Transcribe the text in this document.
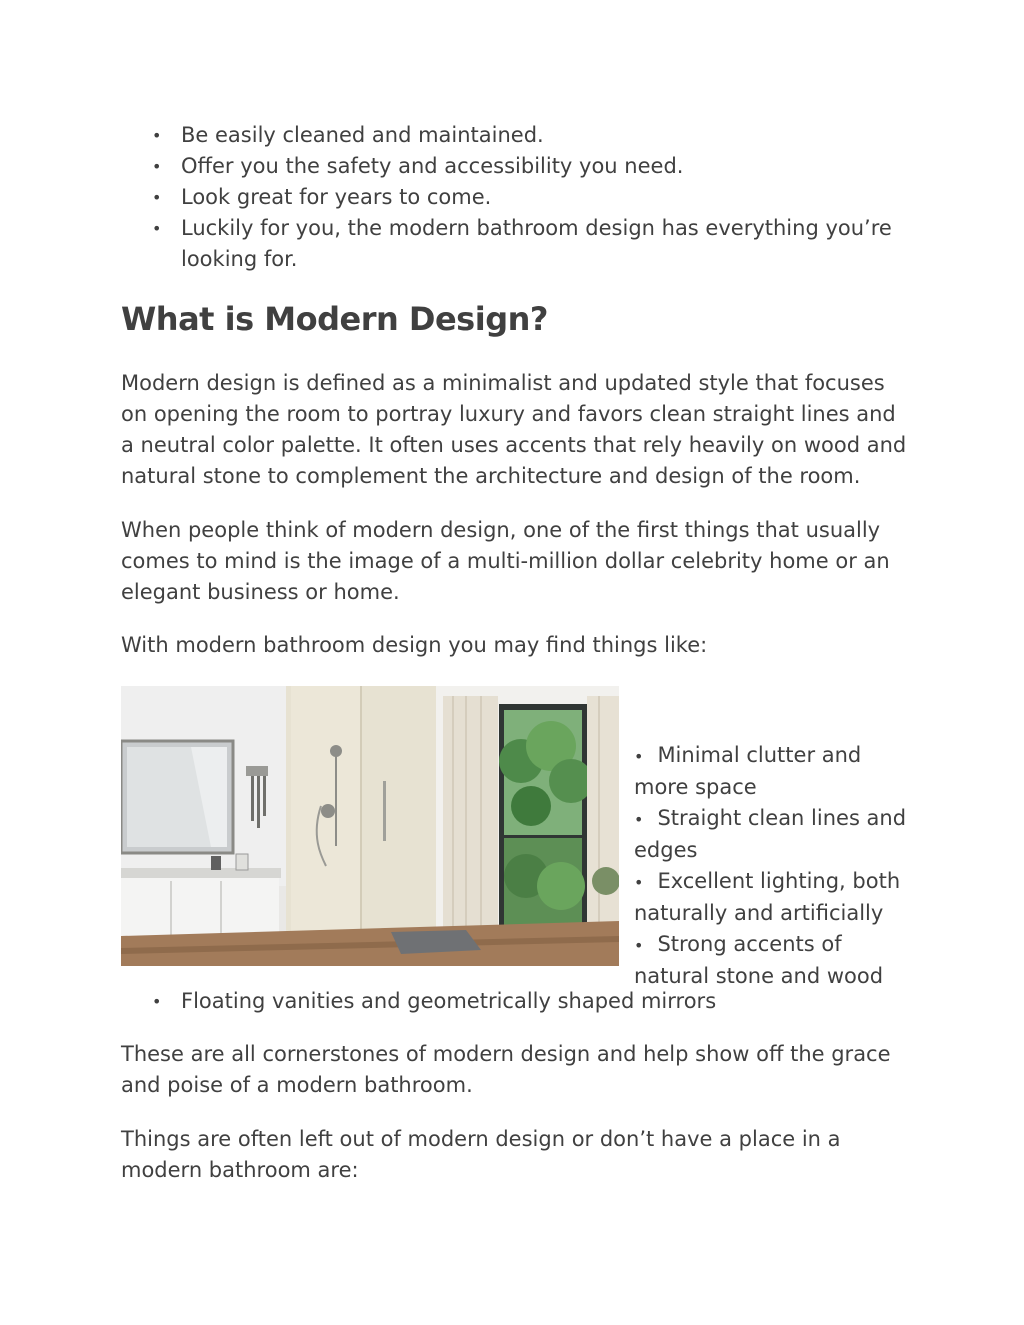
• Be easily cleaned and maintained.
• Offer you the safety and accessibility you need.
• Look great for years to come.
• Luckily for you, the modern bathroom design has everything you’re looking for.
What is Modern Design?

Modern design is defined as a minimalist and updated style that focuses on opening the room to portray luxury and favors clean straight lines and a neutral color palette. It often uses accents that rely heavily on wood and natural stone to complement the architecture and design of the room.

When people think of modern design, one of the first things that usually comes to mind is the image of a multi-million dollar celebrity home or an elegant business or home.

With modern bathroom design you may find things like:

• Minimal clutter and more space
• Straight clean lines and edges
• Excellent lighting, both naturally and artificially
• Strong accents of natural stone and wood
• Floating vanities and geometrically shaped mirrors

These are all cornerstones of modern design and help show off the grace and poise of a modern bathroom.

Things are often left out of modern design or don’t have a place in a modern bathroom are:
